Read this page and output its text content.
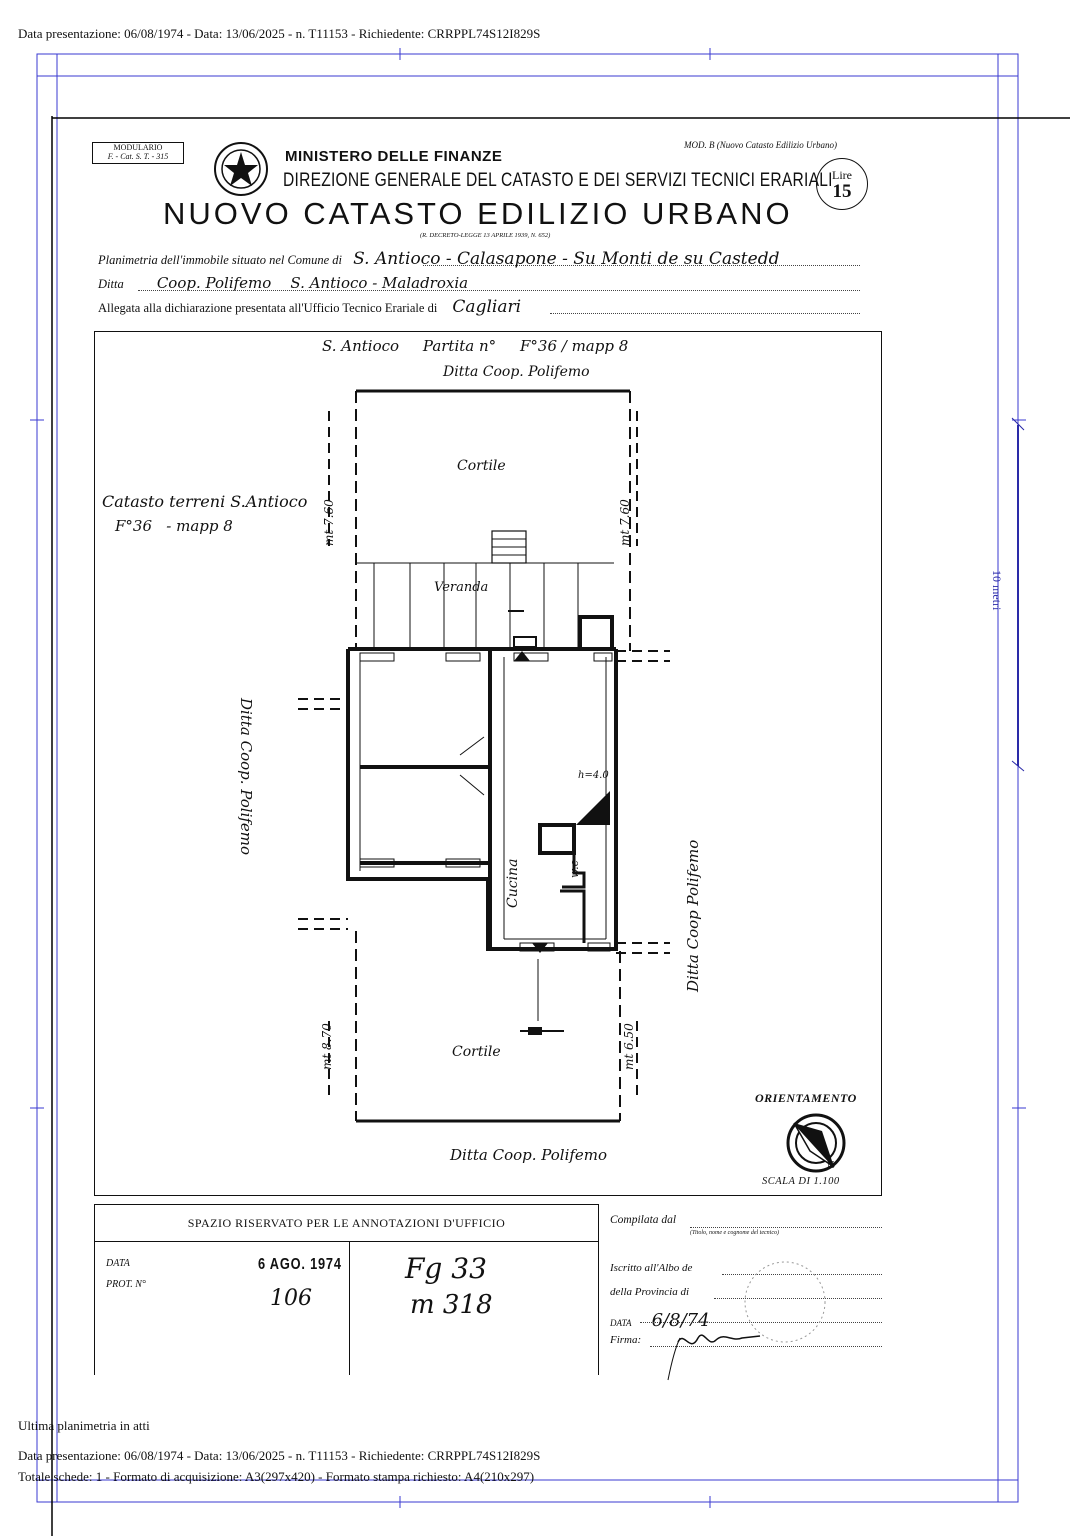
Data presentazione: 06/08/1974 - Data: 13/06/2025 - n. T11153 - Richiedente: CRRPPL74S12I829S
10 metri
MODULARIO
F. - Cat. S. T. - 315	MINISTERO DELLE FINANZE
MOD. B (Nuovo Catasto Edilizio Urbano)
DIREZIONE GENERALE DEL CATASTO E DEI SERVIZI TECNICI ERARIALI Lire
15
NUOVO CATASTO EDILIZIO URBANO
(R. DECRETO-LEGGE 13 APRILE 1939, N. 652)
Planimetria dell'immobile situato nel Comune di S. Antioco - Calasapone - Su Monti de su Castedd
Ditta Coop. Polifemo    S. Antioco - Maladroxia
Allegata alla dichiarazione presentata all'Ufficio Tecnico Erariale di Cagliari
S. Antioco     Partita n°     F°36 / mapp 8
Ditta Coop. Polifemo
Catasto terreni S.Antioco
F°36   - mapp 8
Cortile
Veranda
mt 7.60	mt 7.60
Ditta Coop. Polifemo
Ditta Coop Polifemo
h=4.0
w.c
Cucina
Cortile
mt 8.70	mt 6.50
Ditta Coop. Polifemo
ORIENTAMENTO
N
SCALA DI 1.100
SPAZIO RISERVATO PER LE ANNOTAZIONI D'UFFICIO
DATA
PROT. N°
6 AGO. 1974
106
Fg 33
m 318
Compilata dal
(Titolo, nome e cognome del tecnico)
Iscritto all'Albo de
della Provincia di
DATA 6/8/74
Firma:
Ultima planimetria in atti
Data presentazione: 06/08/1974 - Data: 13/06/2025 - n. T11153 - Richiedente: CRRPPL74S12I829S
Totale schede: 1 - Formato di acquisizione: A3(297x420) - Formato stampa richiesto: A4(210x297)
